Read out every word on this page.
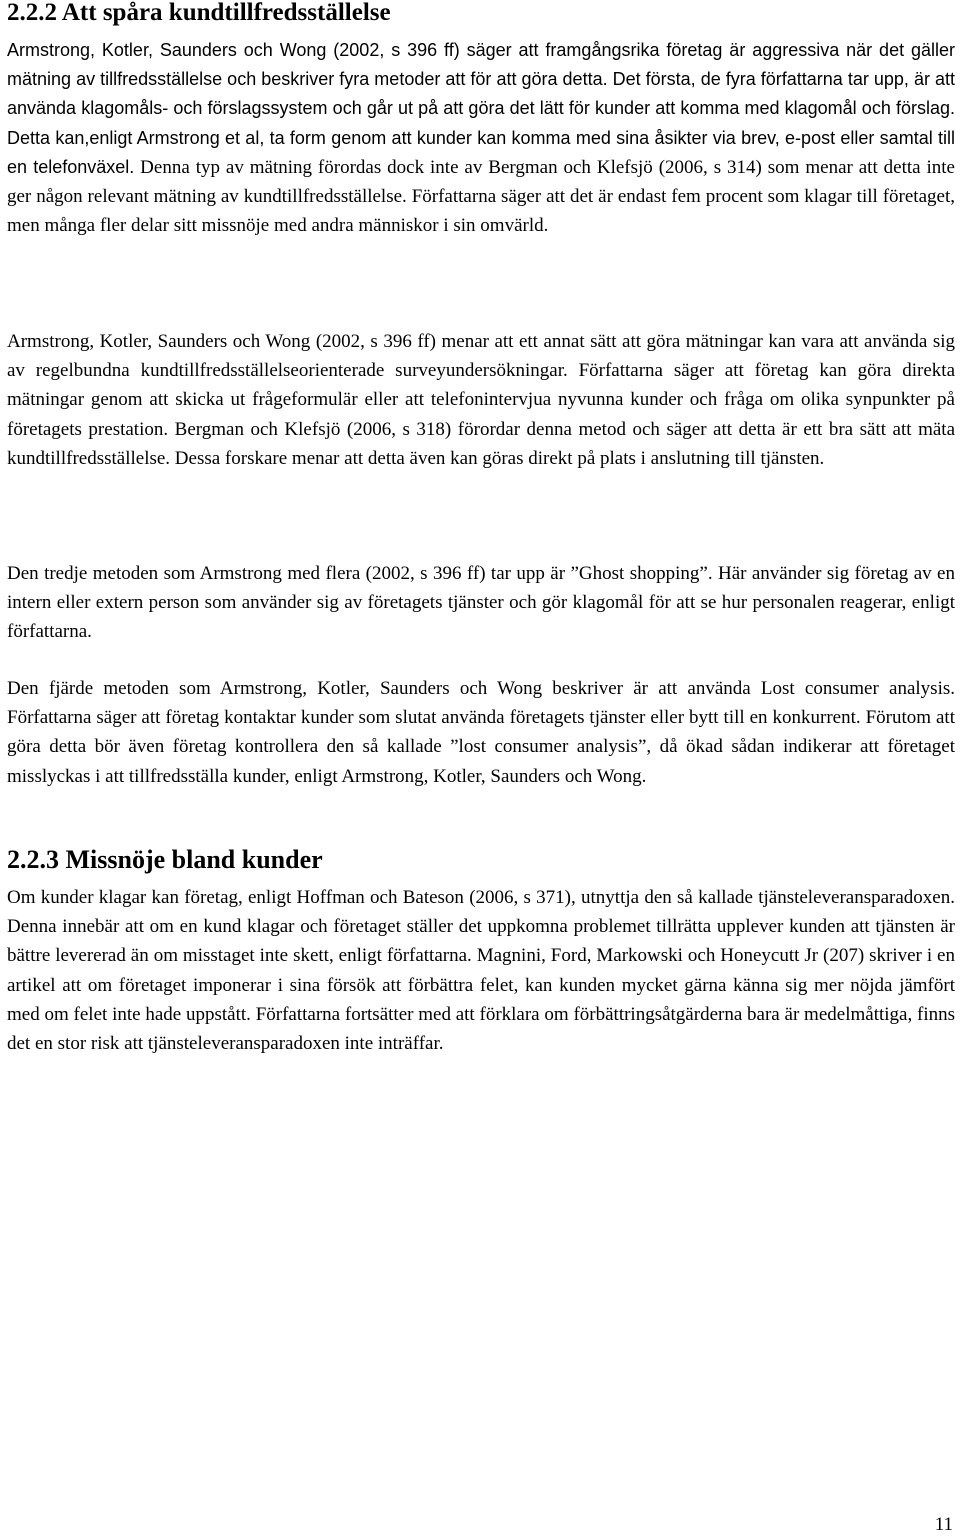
2.2.2 Att spåra kundtillfredsställelse

Armstrong, Kotler, Saunders och Wong (2002, s 396 ff) säger att framgångsrika företag är aggressiva när det gäller mätning av tillfredsställelse och beskriver fyra metoder att för att göra detta. Det första, de fyra författarna tar upp, är att använda klagomåls- och förslagssystem och går ut på att göra det lätt för kunder att komma med klagomål och förslag. Detta kan,enligt Armstrong et al, ta form genom att kunder kan komma med sina åsikter via brev, e-post eller samtal till en telefonväxel. Denna typ av mätning förordas dock inte av Bergman och Klefsjö (2006, s 314) som menar att detta inte ger någon relevant mätning av kundtillfredsställelse. Författarna säger att det är endast fem procent som klagar till företaget, men många fler delar sitt missnöje med andra människor i sin omvärld.

Armstrong, Kotler, Saunders och Wong (2002, s 396 ff) menar att ett annat sätt att göra mätningar kan vara att använda sig av regelbundna kundtillfredsställelseorienterade surveyundersökningar. Författarna säger att företag kan göra direkta mätningar genom att skicka ut frågeformulär eller att telefonintervjua nyvunna kunder och fråga om olika synpunkter på företagets prestation. Bergman och Klefsjö (2006, s 318) förordar denna metod och säger att detta är ett bra sätt att mäta kundtillfredsställelse. Dessa forskare menar att detta även kan göras direkt på plats i anslutning till tjänsten.

Den tredje metoden som Armstrong med flera (2002, s 396 ff) tar upp är ”Ghost shopping”. Här använder sig företag av en intern eller extern person som använder sig av företagets tjänster och gör klagomål för att se hur personalen reagerar, enligt författarna.

Den fjärde metoden som Armstrong, Kotler, Saunders och Wong beskriver är att använda Lost consumer analysis. Författarna säger att företag kontaktar kunder som slutat använda företagets tjänster eller bytt till en konkurrent. Förutom att göra detta bör även företag kontrollera den så kallade ”lost consumer analysis”, då ökad sådan indikerar att företaget misslyckas i att tillfredsställa kunder, enligt Armstrong, Kotler, Saunders och Wong.

2.2.3 Missnöje bland kunder

Om kunder klagar kan företag, enligt Hoffman och Bateson (2006, s 371), utnyttja den så kallade tjänsteleveransparadoxen. Denna innebär att om en kund klagar och företaget ställer det uppkomna problemet tillrätta upplever kunden att tjänsten är bättre levererad än om misstaget inte skett, enligt författarna. Magnini, Ford, Markowski och Honeycutt Jr (207) skriver i en artikel att om företaget imponerar i sina försök att förbättra felet, kan kunden mycket gärna känna sig mer nöjda jämfört med om felet inte hade uppstått. Författarna fortsätter med att förklara om förbättringsåtgärderna bara är medelmåttiga, finns det en stor risk att tjänsteleveransparadoxen inte inträffar.

11
